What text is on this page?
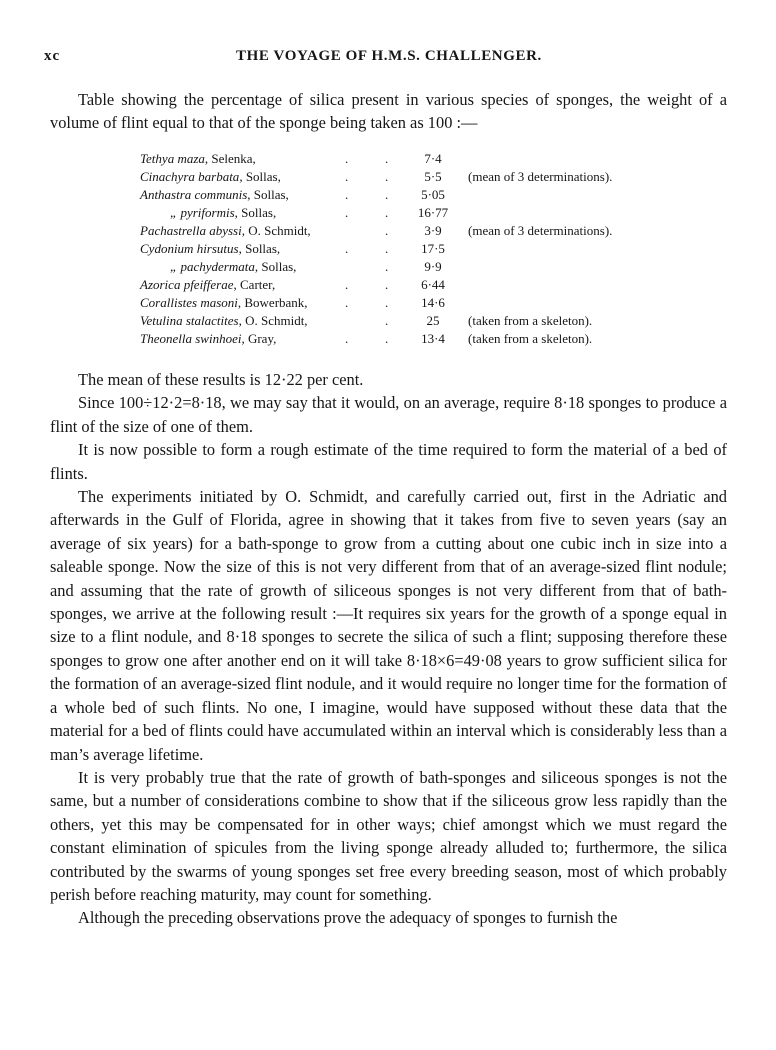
xc	THE VOYAGE OF H.M.S. CHALLENGER.

Table showing the percentage of silica present in various species of sponges, the weight of a volume of flint equal to that of the sponge being taken as 100 :—

Tethya maza, Selenka,	.	.	7·4
Cinachyra barbata, Sollas,	.	.	5·5	(mean of 3 determinations).
Anthastra communis, Sollas,	.	.	5·05
„ pyriformis, Sollas,	.	. 16·77
Pachastrella abyssi, O. Schmidt,	.	3·9	(mean of 3 determinations).
Cydonium hirsutus, Sollas,	.	.	17·5
„ pachydermata, Sollas,	.	9·9
Azorica pfeifferae, Carter,	.	.	6·44
Corallistes masoni, Bowerbank,	.	.	14·6
Vetulina stalactites, O. Schmidt,	.	25	(taken from a skeleton).
Theonella swinhoei, Gray,	.	.	13·4	(taken from a skeleton).

The mean of these results is 12·22 per cent.

Since 100÷12·2=8·18, we may say that it would, on an average, require 8·18 sponges to produce a flint of the size of one of them.

It is now possible to form a rough estimate of the time required to form the material of a bed of flints.

The experiments initiated by O. Schmidt, and carefully carried out, first in the Adriatic and afterwards in the Gulf of Florida, agree in showing that it takes from five to seven years (say an average of six years) for a bath-sponge to grow from a cutting about one cubic inch in size into a saleable sponge. Now the size of this is not very different from that of an average-sized flint nodule; and assuming that the rate of growth of siliceous sponges is not very different from that of bath-sponges, we arrive at the following result :—It requires six years for the growth of a sponge equal in size to a flint nodule, and 8·18 sponges to secrete the silica of such a flint; supposing therefore these sponges to grow one after another end on it will take 8·18×6=49·08 years to grow sufficient silica for the formation of an average-sized flint nodule, and it would require no longer time for the formation of a whole bed of such flints. No one, I imagine, would have supposed without these data that the material for a bed of flints could have accumulated within an interval which is considerably less than a man’s average lifetime.

It is very probably true that the rate of growth of bath-sponges and siliceous sponges is not the same, but a number of considerations combine to show that if the siliceous grow less rapidly than the others, yet this may be compensated for in other ways; chief amongst which we must regard the constant elimination of spicules from the living sponge already alluded to; furthermore, the silica contributed by the swarms of young sponges set free every breeding season, most of which probably perish before reaching maturity, may count for something.

Although the preceding observations prove the adequacy of sponges to furnish the
